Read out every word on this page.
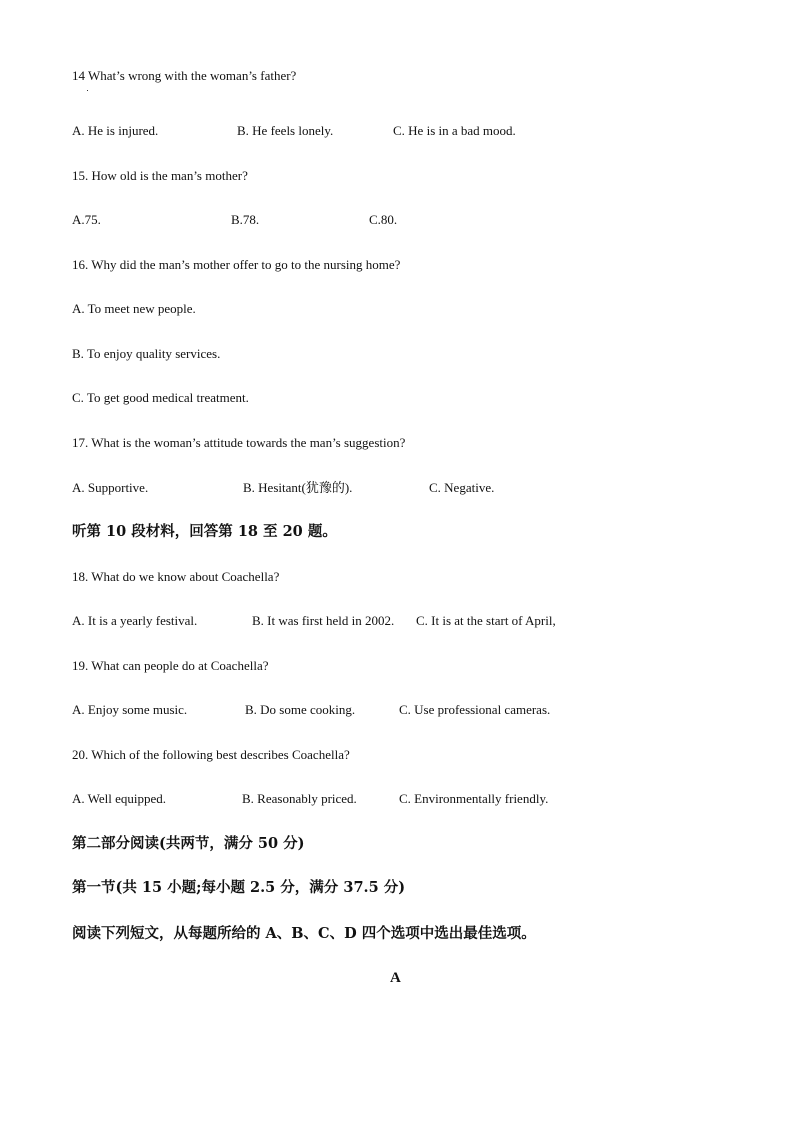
14 What’s wrong with the woman’s father?
A. He is injured.	B. He feels lonely.	C. He is in a bad mood.
15. How old is the man’s mother?
A.75.	B.78.	C.80.
16. Why did the man’s mother offer to go to the nursing home?
A. To meet new people.
B. To enjoy quality services.
C. To get good medical treatment.
17. What is the woman’s attitude towards the man’s suggestion?
A. Supportive.	B. Hesitant(犹豫的).	C. Negative.
听第 10 段材料，回答第 18 至 20 题。
18. What do we know about Coachella?
A. It is a yearly festival.	B. It was first held in 2002. C. It is at the start of April,
19. What can people do at Coachella?
A. Enjoy some music.	B. Do some cooking.	C. Use professional cameras.
20. Which of the following best describes Coachella?
A. Well equipped.	B. Reasonably priced.	C. Environmentally friendly.
第二部分阅读(共两节，满分 50 分)
第一节(共 15 小题;每小题 2.5 分，满分 37.5 分)
阅读下列短文，从每题所给的 A、B、C、D 四个选项中选出最佳选项。
A
